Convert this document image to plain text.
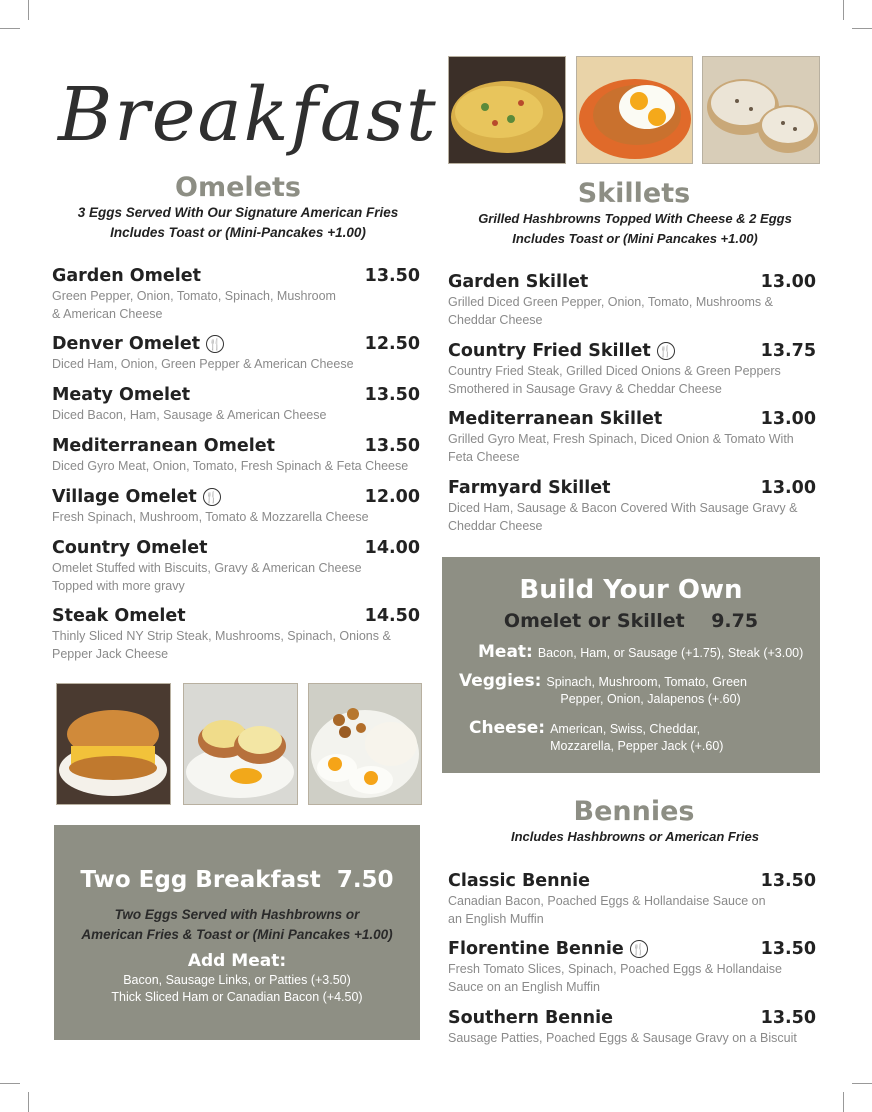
Breakfast
Omelets
3 Eggs Served With Our Signature American Fries
Includes Toast or (Mini-Pancakes +1.00)
Garden Omelet	13.50
Green Pepper, Onion, Tomato, Spinach, Mushroom
& American Cheese
Denver Omelet 🍴	12.50
Diced Ham, Onion, Green Pepper & American Cheese
Meaty Omelet	13.50
Diced Bacon, Ham, Sausage & American Cheese
Mediterranean Omelet	13.50
Diced Gyro Meat, Onion, Tomato, Fresh Spinach & Feta Cheese
Village Omelet 🍴	12.00
Fresh Spinach, Mushroom, Tomato & Mozzarella Cheese
Country Omelet	14.00
Omelet Stuffed with Biscuits, Gravy & American Cheese
Topped with more gravy
Steak Omelet	14.50
Thinly Sliced NY Strip Steak, Mushrooms, Spinach, Onions &
Pepper Jack Cheese
Two Egg Breakfast 7.50
Two Eggs Served with Hashbrowns or
American Fries & Toast or (Mini Pancakes +1.00)
Add Meat:
Bacon, Sausage Links, or Patties (+3.50)
Thick Sliced Ham or Canadian Bacon (+4.50)
Skillets
Grilled Hashbrowns Topped With Cheese & 2 Eggs
Includes Toast or (Mini Pancakes +1.00)
Garden Skillet	13.00
Grilled Diced Green Pepper, Onion, Tomato, Mushrooms &
Cheddar Cheese
Country Fried Skillet 🍴	13.75
Country Fried Steak, Grilled Diced Onions & Green Peppers
Smothered in Sausage Gravy & Cheddar Cheese
Mediterranean Skillet	13.00
Grilled Gyro Meat, Fresh Spinach, Diced Onion & Tomato With
Feta Cheese
Farmyard Skillet	13.00
Diced Ham, Sausage & Bacon Covered With Sausage Gravy &
Cheddar Cheese
Build Your Own
Omelet or Skillet 9.75
Meat: Bacon, Ham, or Sausage (+1.75), Steak (+3.00)
Veggies: Spinach, Mushroom, Tomato, Green
Pepper, Onion, Jalapenos (+.60)
Cheese: American, Swiss, Cheddar,
Mozzarella, Pepper Jack (+.60)
Bennies
Includes Hashbrowns or American Fries
Classic Bennie	13.50
Canadian Bacon, Poached Eggs & Hollandaise Sauce on
an English Muffin
Florentine Bennie 🍴	13.50
Fresh Tomato Slices, Spinach, Poached Eggs & Hollandaise
Sauce on an English Muffin
Southern Bennie	13.50
Sausage Patties, Poached Eggs & Sausage Gravy on a Biscuit
